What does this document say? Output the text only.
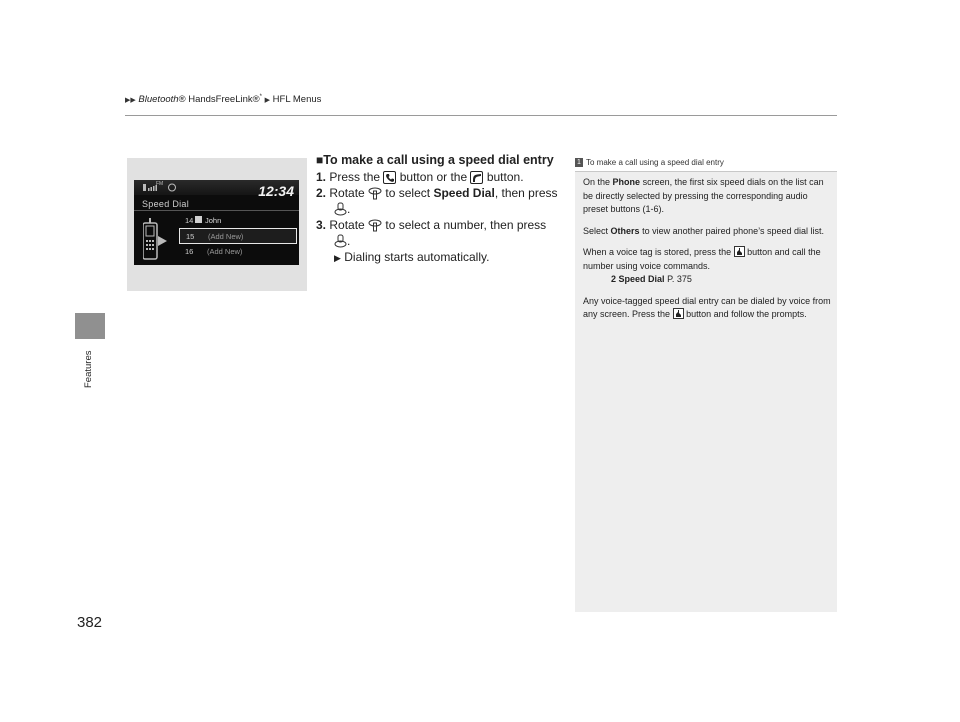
▶▶ Bluetooth® HandsFreeLink®* ▶ HFL Menus
Features
382
FM	12:34
Speed Dial
14 John
15 (Add New)
16 (Add New)
■To make a call using a speed dial entry
1. Press the button or the button.
2. Rotate to select Speed Dial, then press
.
3. Rotate to select a number, then press
.
▶ Dialing starts automatically.
1 To make a call using a speed dial entry

On the Phone screen, the first six speed dials on the list can be directly selected by pressing the corresponding audio preset buttons (1-6).

Select Others to view another paired phone’s speed dial list.

When a voice tag is stored, press the button and call the number using voice commands.
2 Speed Dial P. 375

Any voice-tagged speed dial entry can be dialed by voice from any screen. Press the button and follow the prompts.
